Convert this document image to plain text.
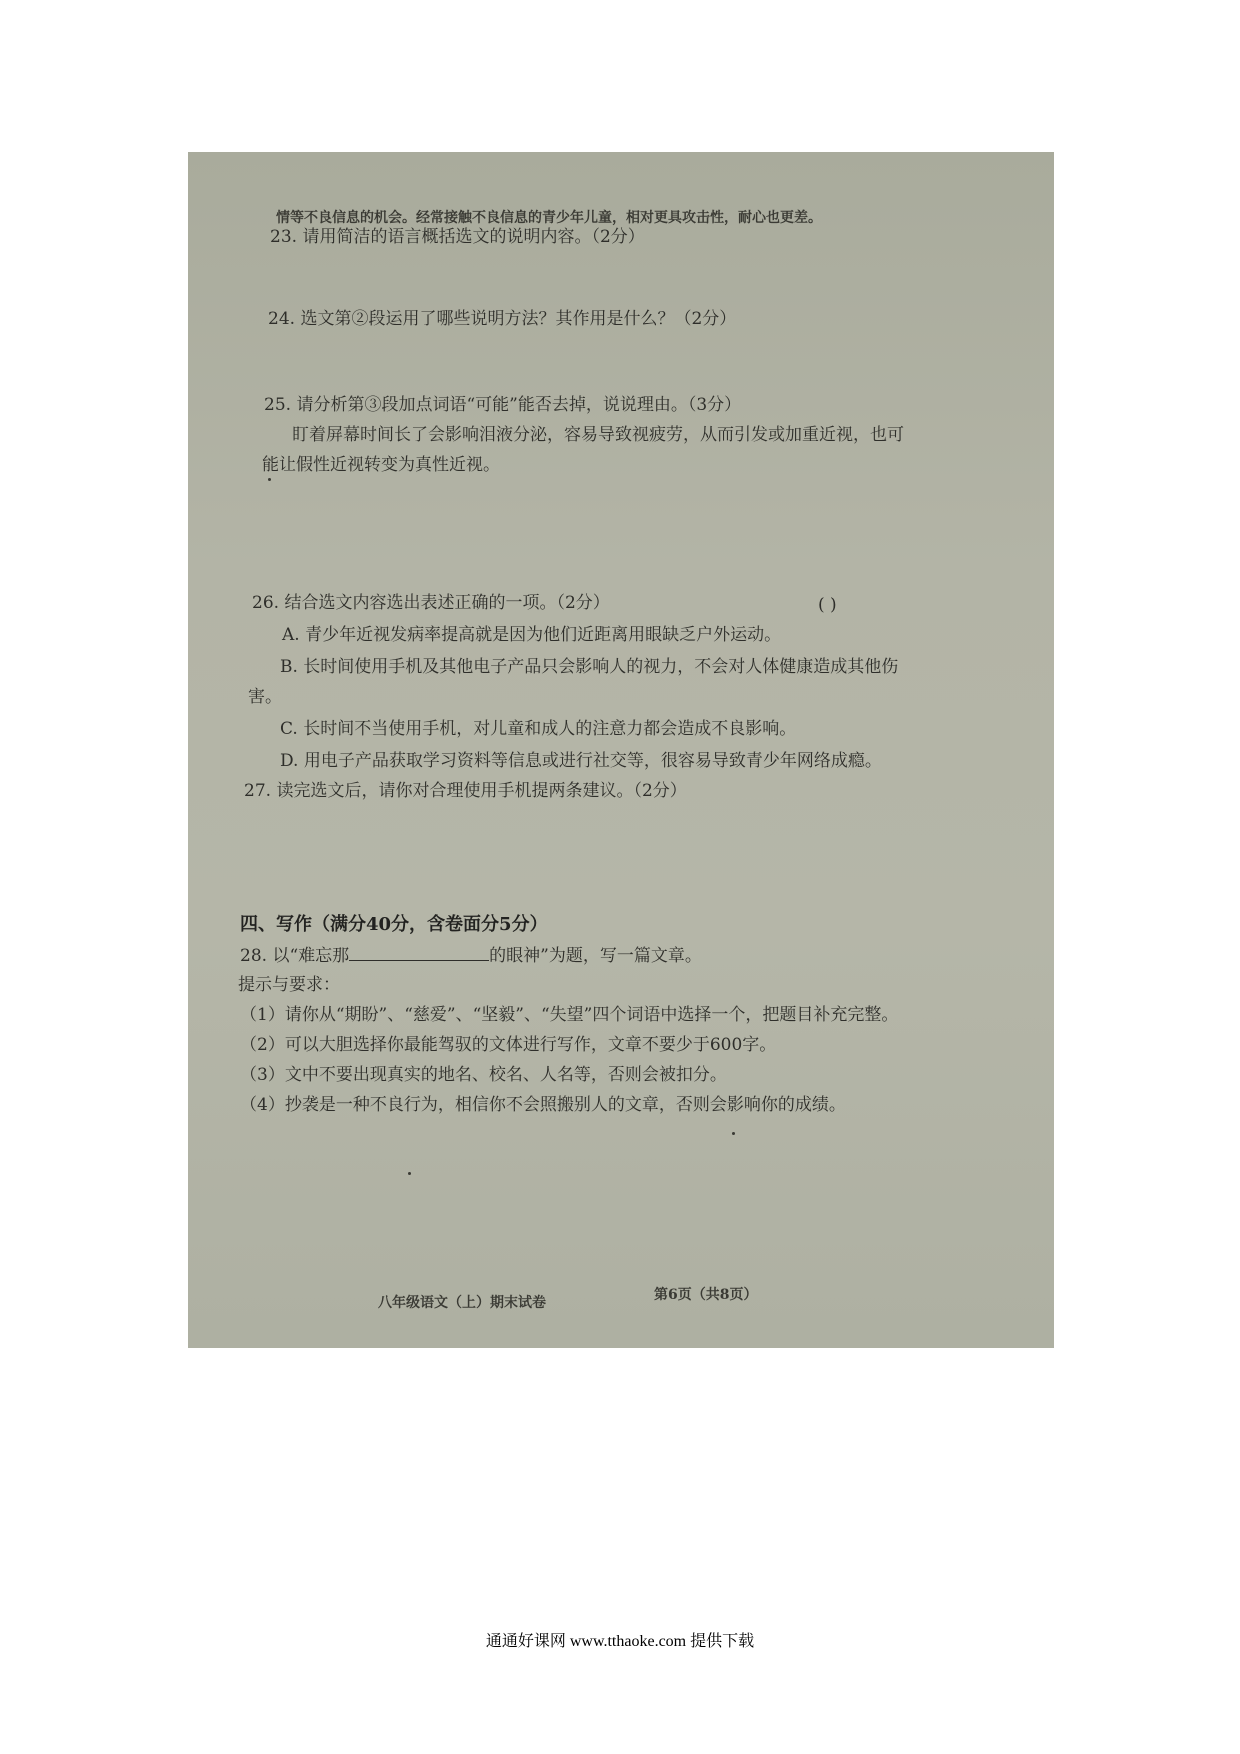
情等不良信息的机会。经常接触不良信息的青少年儿童，相对更具攻击性，耐心也更差。
23. 请用简洁的语言概括选文的说明内容。（2分）
24. 选文第②段运用了哪些说明方法？其作用是什么？（2分）
25. 请分析第③段加点词语“可能”能否去掉，说说理由。（3分）
盯着屏幕时间长了会影响泪液分泌，容易导致视疲劳，从而引发或加重近视，也可
能让假性近视转变为真性近视。
26. 结合选文内容选出表述正确的一项。（2分）	( )
A. 青少年近视发病率提高就是因为他们近距离用眼缺乏户外运动。
B. 长时间使用手机及其他电子产品只会影响人的视力，不会对人体健康造成其他伤
害。
C. 长时间不当使用手机，对儿童和成人的注意力都会造成不良影响。
D. 用电子产品获取学习资料等信息或进行社交等，很容易导致青少年网络成瘾。
27. 读完选文后，请你对合理使用手机提两条建议。（2分）
四、写作（满分40分，含卷面分5分）
28. 以“难忘那	的眼神”为题，写一篇文章。
提示与要求：
（1）请你从“期盼”、“慈爱”、“坚毅”、“失望”四个词语中选择一个，把题目补充完整。
（2）可以大胆选择你最能驾驭的文体进行写作，文章不要少于600字。
（3）文中不要出现真实的地名、校名、人名等，否则会被扣分。
（4）抄袭是一种不良行为，相信你不会照搬别人的文章，否则会影响你的成绩。
八年级语文（上）期末试卷	第6页（共8页）
通通好课网 www.tthaoke.com 提供下载
